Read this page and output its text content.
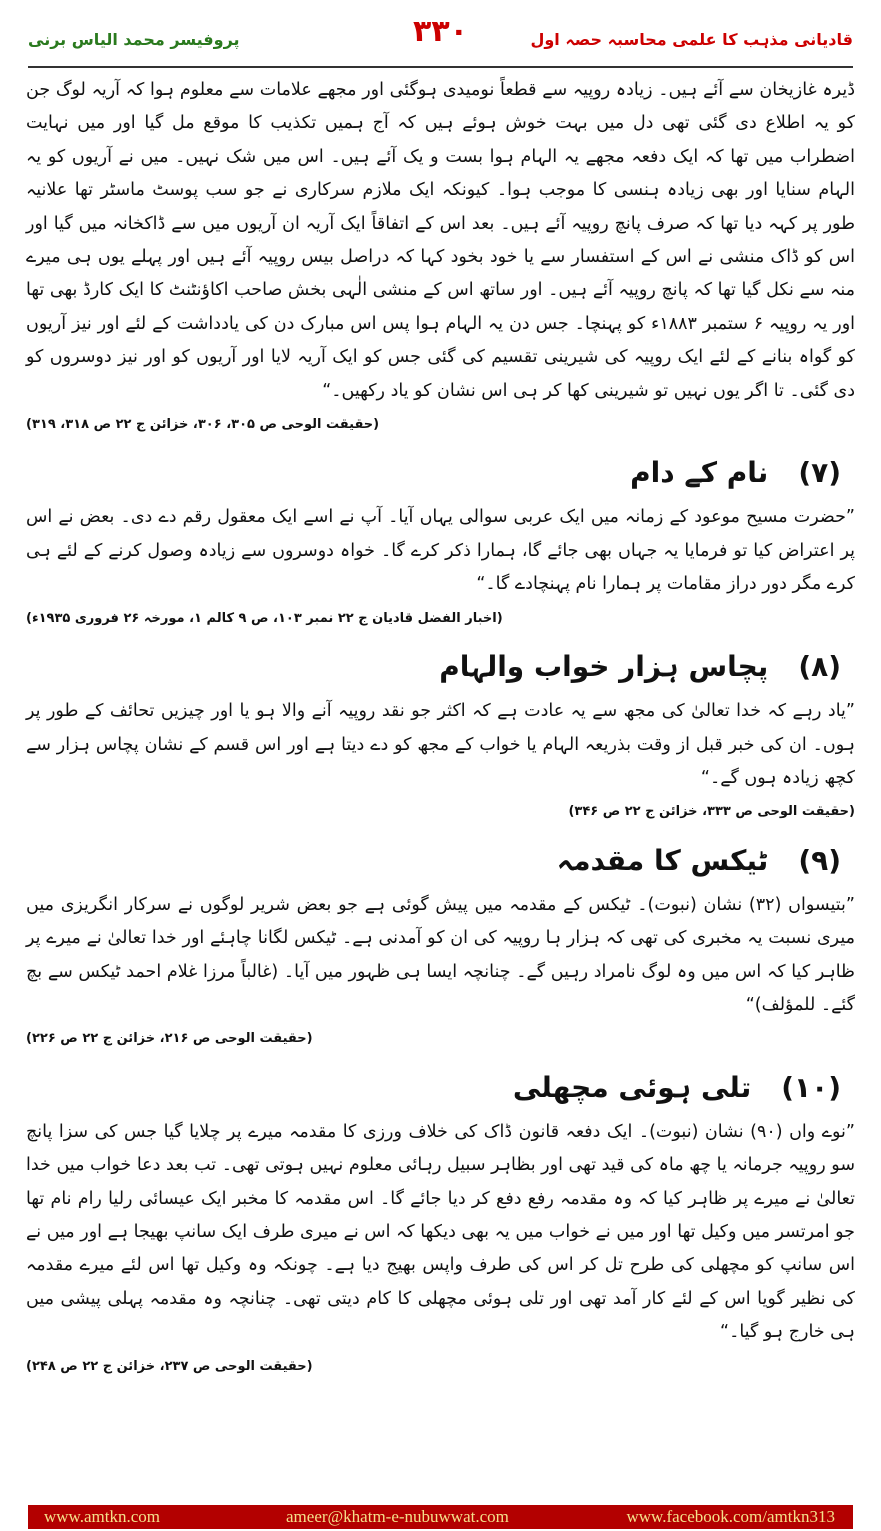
پروفیسر محمد الیاس برنی	۳۳۰	قادیانی مذہب کا علمی محاسبہ حصہ اول

ڈیرہ غازیخان سے آئے ہیں۔ زیادہ روپیہ سے قطعاً نومیدی ہوگئی اور مجھے علامات سے معلوم ہوا کہ آریہ لوگ جن کو یہ اطلاع دی گئی تھی دل میں بہت خوش ہوئے ہیں کہ آج ہمیں تکذیب کا موقع مل گیا اور میں نہایت اضطراب میں تھا کہ ایک دفعہ مجھے یہ الہام ہوا بست و یک آئے ہیں۔ اس میں شک نہیں۔ میں نے آریوں کو یہ الہام سنایا اور بھی زیادہ ہنسی کا موجب ہوا۔ کیونکہ ایک ملازم سرکاری نے جو سب پوسٹ ماسٹر تھا علانیہ طور پر کہہ دیا تھا کہ صرف پانچ روپیہ آئے ہیں۔ بعد اس کے اتفاقاً ایک آریہ ان آریوں میں سے ڈاکخانہ میں گیا اور اس کو ڈاک منشی نے اس کے استفسار سے یا خود بخود کہا کہ دراصل بیس روپیہ آئے ہیں اور پہلے یوں ہی میرے منہ سے نکل گیا تھا کہ پانچ روپیہ آئے ہیں۔ اور ساتھ اس کے منشی الٰہی بخش صاحب اکاؤنٹنٹ کا ایک کارڈ بھی تھا اور یہ روپیہ ۶ ستمبر ۱۸۸۳ء کو پہنچا۔ جس دن یہ الہام ہوا پس اس مبارک دن کی یادداشت کے لئے اور نیز آریوں کو گواہ بنانے کے لئے ایک روپیہ کی شیرینی تقسیم کی گئی جس کو ایک آریہ لایا اور آریوں کو اور نیز دوسروں کو دی گئی۔ تا اگر یوں نہیں تو شیرینی کھا کر ہی اس نشان کو یاد رکھیں۔“

(حقیقت الوحی ص ۳۰۵، ۳۰۶، خزائن ج ۲۲ ص ۳۱۸، ۳۱۹)
(۷)نام کے دام

”حضرت مسیح موعود کے زمانہ میں ایک عربی سوالی یہاں آیا۔ آپ نے اسے ایک معقول رقم دے دی۔ بعض نے اس پر اعتراض کیا تو فرمایا یہ جہاں بھی جائے گا، ہمارا ذکر کرے گا۔ خواہ دوسروں سے زیادہ وصول کرنے کے لئے ہی کرے مگر دور دراز مقامات پر ہمارا نام پہنچادے گا۔“

(اخبار الفضل قادیان ج ۲۲ نمبر ۱۰۳، ص ۹ کالم ۱، مورخہ ۲۶ فروری ۱۹۳۵ء)
(۸)پچاس ہزار خواب والہام

”یاد رہے کہ خدا تعالیٰ کی مجھ سے یہ عادت ہے کہ اکثر جو نقد روپیہ آنے والا ہو یا اور چیزیں تحائف کے طور پر ہوں۔ ان کی خبر قبل از وقت بذریعہ الہام یا خواب کے مجھ کو دے دیتا ہے اور اس قسم کے نشان پچاس ہزار سے کچھ زیادہ ہوں گے۔“

(حقیقت الوحی ص ۳۳۳، خزائن ج ۲۲ ص ۳۴۶)
(۹)ٹیکس کا مقدمہ

”بتیسواں (۳۲) نشان (نبوت)۔ ٹیکس کے مقدمہ میں پیش گوئی ہے جو بعض شریر لوگوں نے سرکار انگریزی میں میری نسبت یہ مخبری کی تھی کہ ہزار ہا روپیہ کی ان کو آمدنی ہے۔ ٹیکس لگانا چاہئے اور خدا تعالیٰ نے میرے پر ظاہر کیا کہ اس میں وہ لوگ نامراد رہیں گے۔ چنانچہ ایسا ہی ظہور میں آیا۔ (غالباً مرزا غلام احمد ٹیکس سے بچ گئے۔ للمؤلف)“

(حقیقت الوحی ص ۲۱۶، خزائن ج ۲۲ ص ۲۲۶)
(۱۰)تلی ہوئی مچھلی

”نوے واں (۹۰) نشان (نبوت)۔ ایک دفعہ قانون ڈاک کی خلاف ورزی کا مقدمہ میرے پر چلایا گیا جس کی سزا پانچ سو روپیہ جرمانہ یا چھ ماہ کی قید تھی اور بظاہر سبیل رہائی معلوم نہیں ہوتی تھی۔ تب بعد دعا خواب میں خدا تعالیٰ نے میرے پر ظاہر کیا کہ وہ مقدمہ رفع دفع کر دیا جائے گا۔ اس مقدمہ کا مخبر ایک عیسائی رلیا رام نام تھا جو امرتسر میں وکیل تھا اور میں نے خواب میں یہ بھی دیکھا کہ اس نے میری طرف ایک سانپ بھیجا ہے اور میں نے اس سانپ کو مچھلی کی طرح تل کر اس کی طرف واپس بھیج دیا ہے۔ چونکہ وہ وکیل تھا اس لئے میرے مقدمہ کی نظیر گویا اس کے لئے کار آمد تھی اور تلی ہوئی مچھلی کا کام دیتی تھی۔ چنانچہ وہ مقدمہ پہلی پیشی میں ہی خارج ہو گیا۔“

(حقیقت الوحی ص ۲۳۷، خزائن ج ۲۲ ص ۲۴۸)
www.amtkn.com	ameer@khatm-e-nubuwwat.com	www.facebook.com/amtkn313
